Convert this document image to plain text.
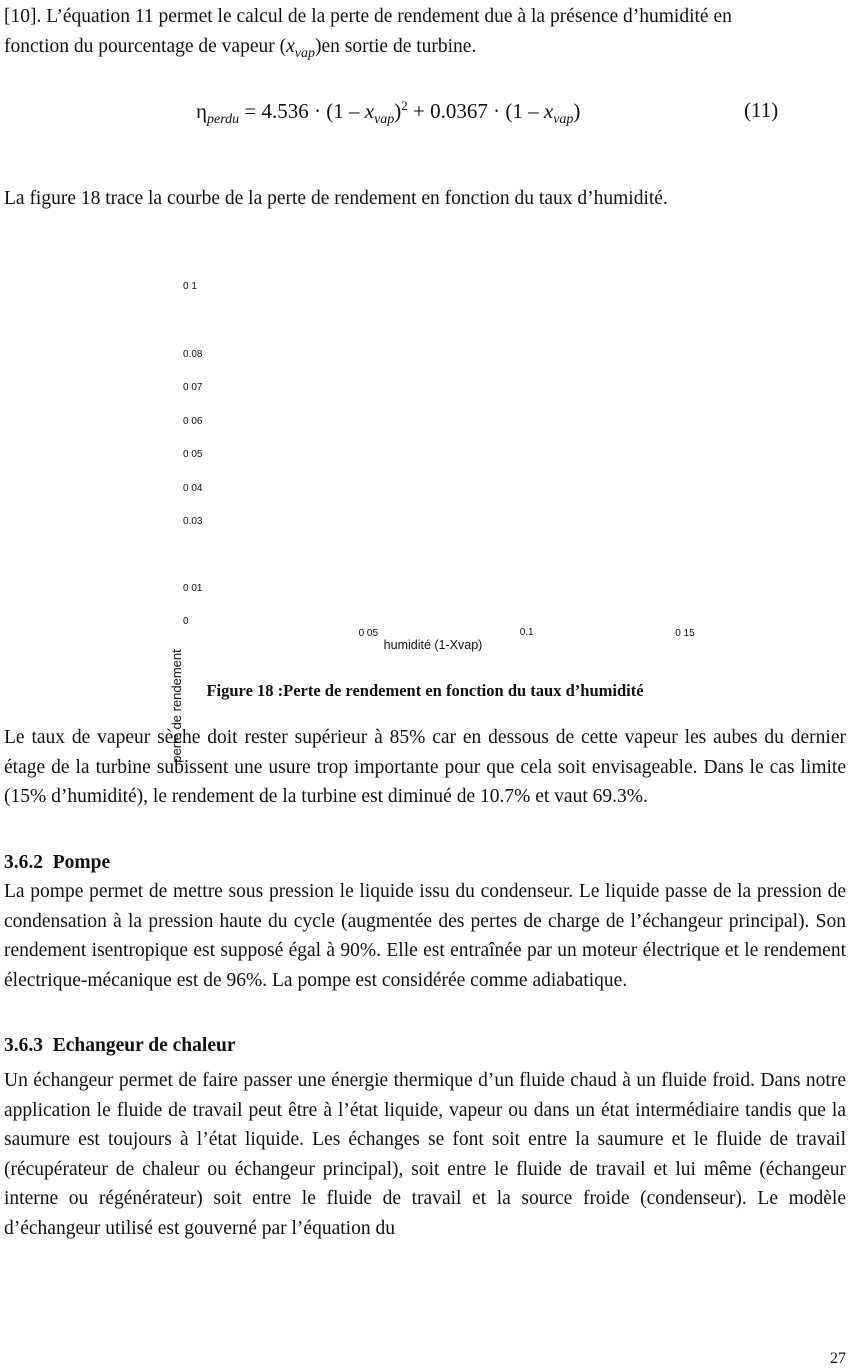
[10]. L’équation 11 permet le calcul de la perte de rendement due à la présence d’humidité en
fonction du pourcentage de vapeur $(x_{vap})en$ sortie de turbine.

$\eta_{perdu} = 4.536 \cdot (1 - x_{vap})^2 + 0.0367 \cdot (1 - x_{vap})$	(11)

La figure 18 trace la courbe de la perte de rendement en fonction du taux d’humidité.

0 1
0.08
0 07
0 06
0 05
0 04
0.03
0 01
0
0 05	0.1	0 15
humidité (1-Xvap)
perte de rendement	Figure 18 :Perte de rendement en fonction du taux d’humidité

Le taux de vapeur sèche doit rester supérieur à 85% car en dessous de cette vapeur les aubes du dernier étage de la turbine subissent une usure trop importante pour que cela soit envisageable. Dans le cas limite (15% d’humidité), le rendement de la turbine est diminué de 10.7% et vaut 69.3%.

3.6.2 Pompe

La pompe permet de mettre sous pression le liquide issu du condenseur. Le liquide passe de la pression de condensation à la pression haute du cycle (augmentée des pertes de charge de l’échangeur principal). Son rendement isentropique est supposé égal à 90%. Elle est entraînée par un moteur électrique et le rendement électrique-mécanique est de 96%. La pompe est considérée comme adiabatique.

3.6.3 Echangeur de chaleur

Un échangeur permet de faire passer une énergie thermique d’un fluide chaud à un fluide froid. Dans notre application le fluide de travail peut être à l’état liquide, vapeur ou dans un état intermédiaire tandis que la saumure est toujours à l’état liquide. Les échanges se font soit entre la saumure et le fluide de travail (récupérateur de chaleur ou échangeur principal), soit entre le fluide de travail et lui même (échangeur interne ou régénérateur) soit entre le fluide de travail et la source froide (condenseur). Le modèle d’échangeur utilisé est gouverné par l’équation du

27
